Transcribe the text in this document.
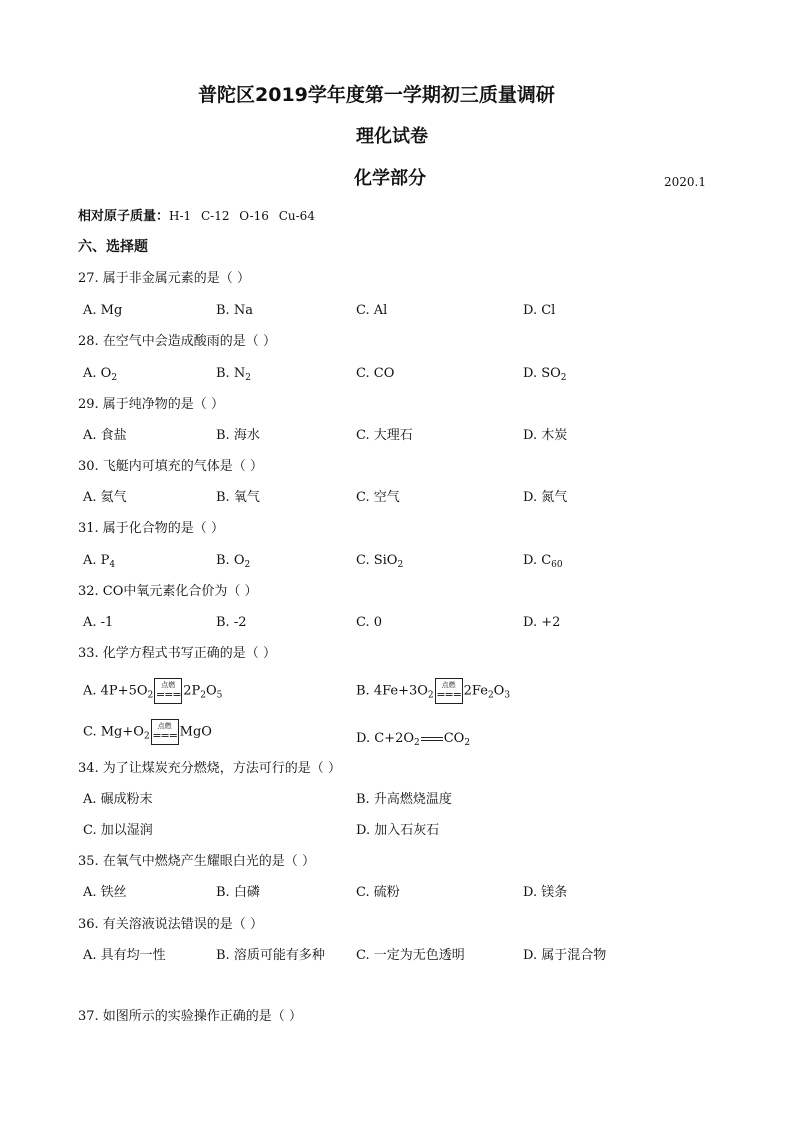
普陀区2019学年度第一学期初三质量调研
理化试卷
化学部分	2020.1
相对原子质量：H-1 C-12 O-16 Cu-64
六、选择题
27. 属于非金属元素的是（ ）
A. Mg	B. Na	C. Al	D. Cl
28. 在空气中会造成酸雨的是（ ）
A. $O_2$	B. $N_2$	C. CO	D. $SO_2$
29. 属于纯净物的是（ ）
A. 食盐	B. 海水	C. 大理石	D. 木炭
30. 飞艇内可填充的气体是（ ）
A. 氦气	B. 氧气	C. 空气	D. 氮气
31. 属于化合物的是（ ）
A. $P_4$	B. $O_2$	C. SiO$_2$	D. $C_{60}$
32. CO中氧元素化合价为（ ）
A. -1	B. -2	C. 0	D. +2
33. 化学方程式书写正确的是（ ）
A. $4P+5O_2$
点燃
=== $2P_2O_5$	B. $4Fe+3O_2$
点燃
=== $2Fe_2O_3$
C. $Mg+O_2$
点燃
=== MgO	D. $C+2O_2$ $CO_2$
34. 为了让煤炭充分燃烧，方法可行的是（ ）
A. 碾成粉末	B. 升高燃烧温度
C. 加以湿润	D. 加入石灰石
35. 在氧气中燃烧产生耀眼白光的是（ ）
A. 铁丝	B. 白磷	C. 硫粉	D. 镁条
36. 有关溶液说法错误的是（ ）
A. 具有均一性	B. 溶质可能有多种 C. 一定为无色透明	D. 属于混合物
37. 如图所示的实验操作正确的是（ ）
